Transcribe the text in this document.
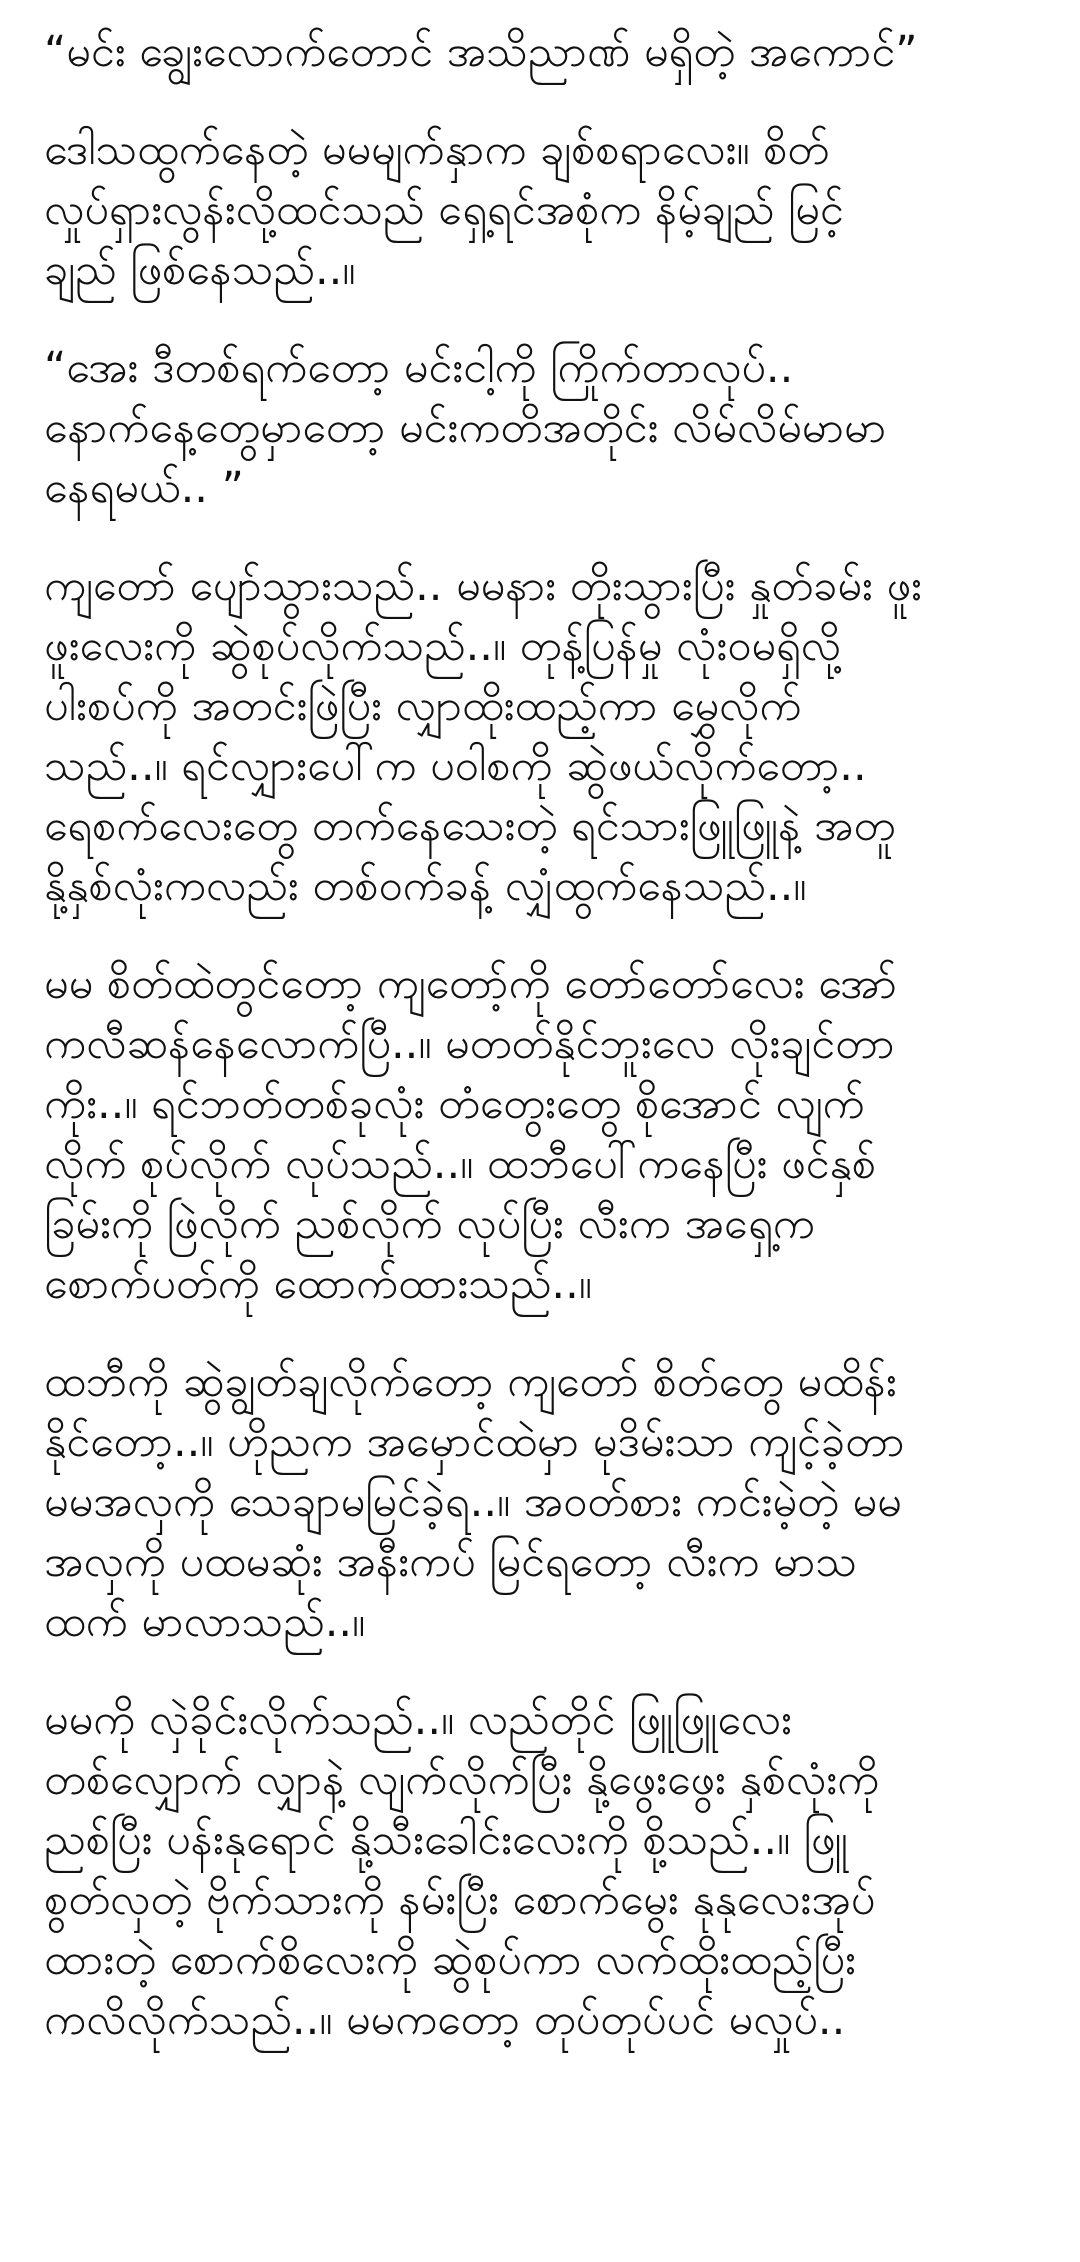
“မင်း ချွေးလောက်တောင် အသိညာဏ် မရှိတဲ့ အကောင်”

ဒေါသထွက်နေတဲ့ မမမျက်နှာက ချစ်စရာလေး။ စိတ်
လှုပ်ရှားလွန်းလို့ထင်သည် ရှေ့ရင်အစုံက နိမ့်ချည် မြင့်
ချည် ဖြစ်နေသည်..။

“အေး ဒီတစ်ရက်တော့ မင်းငါ့ကို ကြိုက်တာလုပ်..
နောက်နေ့တွေမှာတော့ မင်းကတိအတိုင်း လိမ်လိမ်မာမာ
နေရမယ်.. ”

ကျတော် ပျော်သွားသည်.. မမနား တိုးသွားပြီး နှုတ်ခမ်း ဖူး
ဖူးလေးကို ဆွဲစုပ်လိုက်သည်..။ တုန့်ပြန်မှု လုံးဝမရှိလို့
ပါးစပ်ကို အတင်းဖြဲပြီး လျှာထိုးထည့်ကာ မွှေလိုက်
သည်..။ ရင်လျှားပေါ်က ပဝါစကို ဆွဲဖယ်လိုက်တော့..
ရေစက်လေးတွေ တက်နေသေးတဲ့ ရင်သားဖြူဖြူနဲ့ အတူ
နို့နှစ်လုံးကလည်း တစ်ဝက်ခန့် လျှံထွက်နေသည်..။

မမ စိတ်ထဲတွင်တော့ ကျတော့်ကို တော်တော်လေး အော်
ကလီဆန်နေလောက်ပြီ..။ မတတ်နိုင်ဘူးလေ လိုးချင်တာ
ကိုး..။ ရင်ဘတ်တစ်ခုလုံး တံတွေးတွေ စိုအောင် လျက်
လိုက် စုပ်လိုက် လုပ်သည်..။ ထဘီပေါ်ကနေပြီး ဖင်နှစ်
ခြမ်းကို ဖြဲလိုက် ညစ်လိုက် လုပ်ပြီး လီးက အရှေ့က
စောက်ပတ်ကို ထောက်ထားသည်..။

ထဘီကို ဆွဲချွတ်ချလိုက်တော့ ကျတော် စိတ်တွေ မထိန်း
နိုင်တော့..။ ဟိုညက အမှောင်ထဲမှာ မုဒိမ်းသာ ကျင့်ခဲ့တာ
မမအလှကို သေချာမမြင်ခဲ့ရ..။ အဝတ်စား ကင်းမဲ့တဲ့ မမ
အလှကို ပထမဆုံး အနီးကပ် မြင်ရတော့ လီးက မာသ
ထက် မာလာသည်..။

မမကို လှဲခိုင်းလိုက်သည်..။ လည်တိုင် ဖြူဖြူလေး
တစ်လျှောက် လျှာနဲ့ လျက်လိုက်ပြီး နို့ဖွေးဖွေး နှစ်လုံးကို
ညစ်ပြီး ပန်းနုရောင် နို့သီးခေါင်းလေးကို စို့သည်..။ ဖြူ
စွတ်လှတဲ့ ဗိုက်သားကို နမ်းပြီး စောက်မွေး နုနုလေးအုပ်
ထားတဲ့ စောက်စိလေးကို ဆွဲစုပ်ကာ လက်ထိုးထည့်ပြီး
ကလိလိုက်သည်..။ မမကတော့ တုပ်တုပ်ပင် မလှုပ်..
